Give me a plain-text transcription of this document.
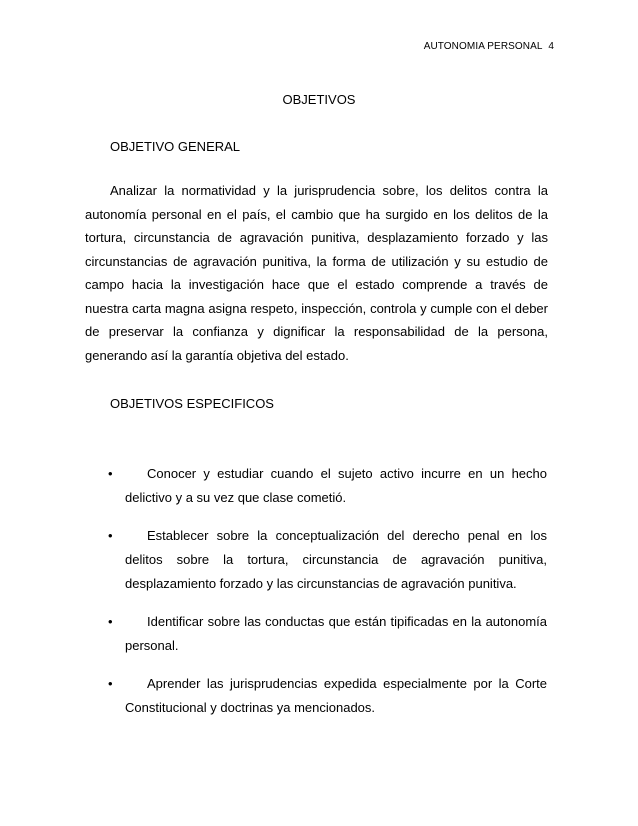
AUTONOMIA PERSONAL 4
OBJETIVOS
OBJETIVO GENERAL

Analizar la normatividad y la jurisprudencia sobre, los delitos contra la autonomía personal en el país, el cambio que ha surgido en los delitos de la tortura, circunstancia de agravación punitiva, desplazamiento forzado y las circunstancias de agravación punitiva, la forma de utilización y su estudio de campo hacia la investigación hace que el estado comprende a través de nuestra carta magna asigna respeto, inspección, controla y cumple con el deber de preservar la confianza y dignificar la responsabilidad de la persona, generando así la garantía objetiva del estado.

OBJETIVOS ESPECIFICOS
•	Conocer y estudiar cuando el sujeto activo incurre en un hecho delictivo y a su vez que clase cometió.
•	Establecer sobre la conceptualización del derecho penal en los delitos sobre la tortura, circunstancia de agravación punitiva, desplazamiento forzado y las circunstancias de agravación punitiva.
•	Identificar sobre las conductas que están tipificadas en la autonomía personal.
•	Aprender las jurisprudencias expedida especialmente por la Corte Constitucional y doctrinas ya mencionados.
